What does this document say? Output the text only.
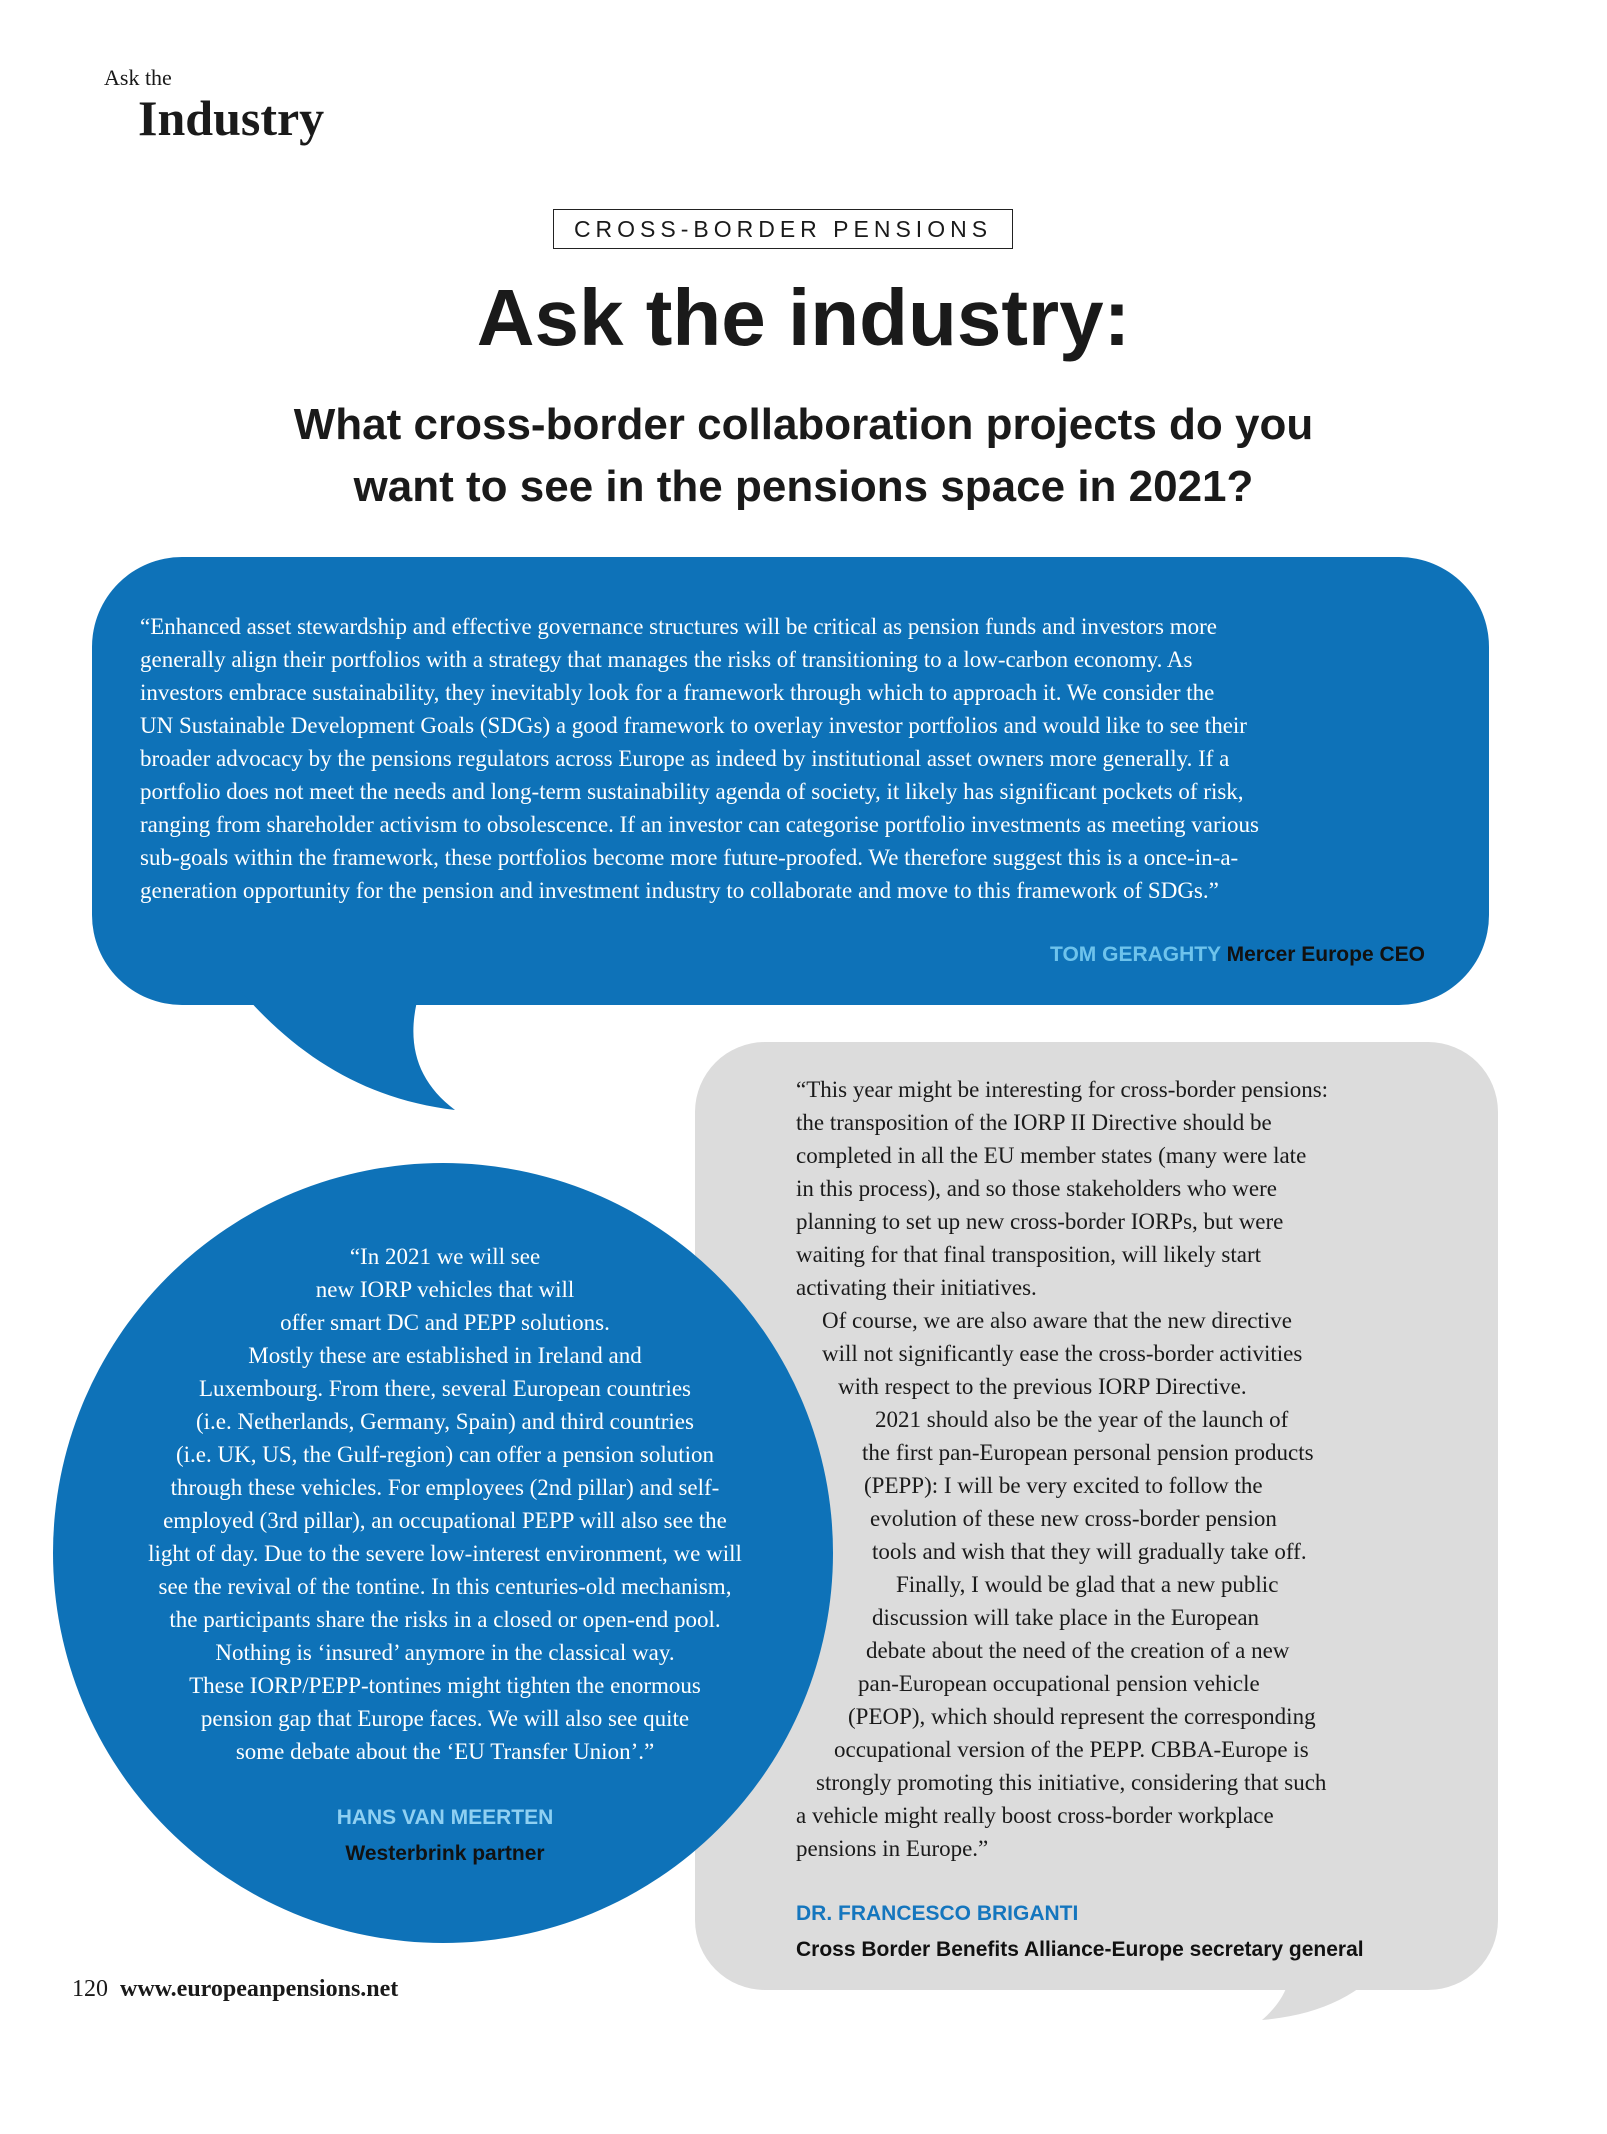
Ask the
Industry
CROSS-BORDER PENSIONS
Ask the industry:
What cross-border collaboration projects do you
want to see in the pensions space in 2021?

“Enhanced asset stewardship and effective governance structures will be critical as pension funds and investors more

generally align their portfolios with a strategy that manages the risks of transitioning to a low-carbon economy. As

investors embrace sustainability, they inevitably look for a framework through which to approach it. We consider the

UN Sustainable Development Goals (SDGs) a good framework to overlay investor portfolios and would like to see their

broader advocacy by the pensions regulators across Europe as indeed by institutional asset owners more generally. If a

portfolio does not meet the needs and long-term sustainability agenda of society, it likely has significant pockets of risk,

ranging from shareholder activism to obsolescence. If an investor can categorise portfolio investments as meeting various

sub-goals within the framework, these portfolios become more future-proofed. We therefore suggest this is a once-in-a-

generation opportunity for the pension and investment industry to collaborate and move to this framework of SDGs.”

TOM GERAGHTY Mercer Europe CEO

“In 2021 we will see

new IORP vehicles that will

offer smart DC and PEPP solutions.

Mostly these are established in Ireland and

Luxembourg. From there, several European countries

(i.e. Netherlands, Germany, Spain) and third countries

(i.e. UK, US, the Gulf-region) can offer a pension solution

through these vehicles. For employees (2nd pillar) and self-

employed (3rd pillar), an occupational PEPP will also see the

light of day. Due to the severe low-interest environment, we will

see the revival of the tontine. In this centuries-old mechanism,

the participants share the risks in a closed or open-end pool.

Nothing is ‘insured’ anymore in the classical way.

These IORP/PEPP-tontines might tighten the enormous

pension gap that Europe faces. We will also see quite

some debate about the ‘EU Transfer Union’.”

HANS VAN MEERTEN
Westerbrink partner
“This year might be interesting for cross-border pensions:
the transposition of the IORP II Directive should be
completed in all the EU member states (many were late
in this process), and so those stakeholders who were
planning to set up new cross-border IORPs, but were
waiting for that final transposition, will likely start
activating their initiatives.
Of course, we are also aware that the new directive
will not significantly ease the cross-border activities
with respect to the previous IORP Directive.
2021 should also be the year of the launch of
the first pan-European personal pension products
(PEPP): I will be very excited to follow the
evolution of these new cross-border pension
tools and wish that they will gradually take off.
Finally, I would be glad that a new public
discussion will take place in the European
debate about the need of the creation of a new
pan-European occupational pension vehicle
(PEOP), which should represent the corresponding
occupational version of the PEPP. CBBA-Europe is
strongly promoting this initiative, considering that such
a vehicle might really boost cross-border workplace
pensions in Europe.”
DR. FRANCESCO BRIGANTI
Cross Border Benefits Alliance-Europe secretary general
120 www.europeanpensions.net
